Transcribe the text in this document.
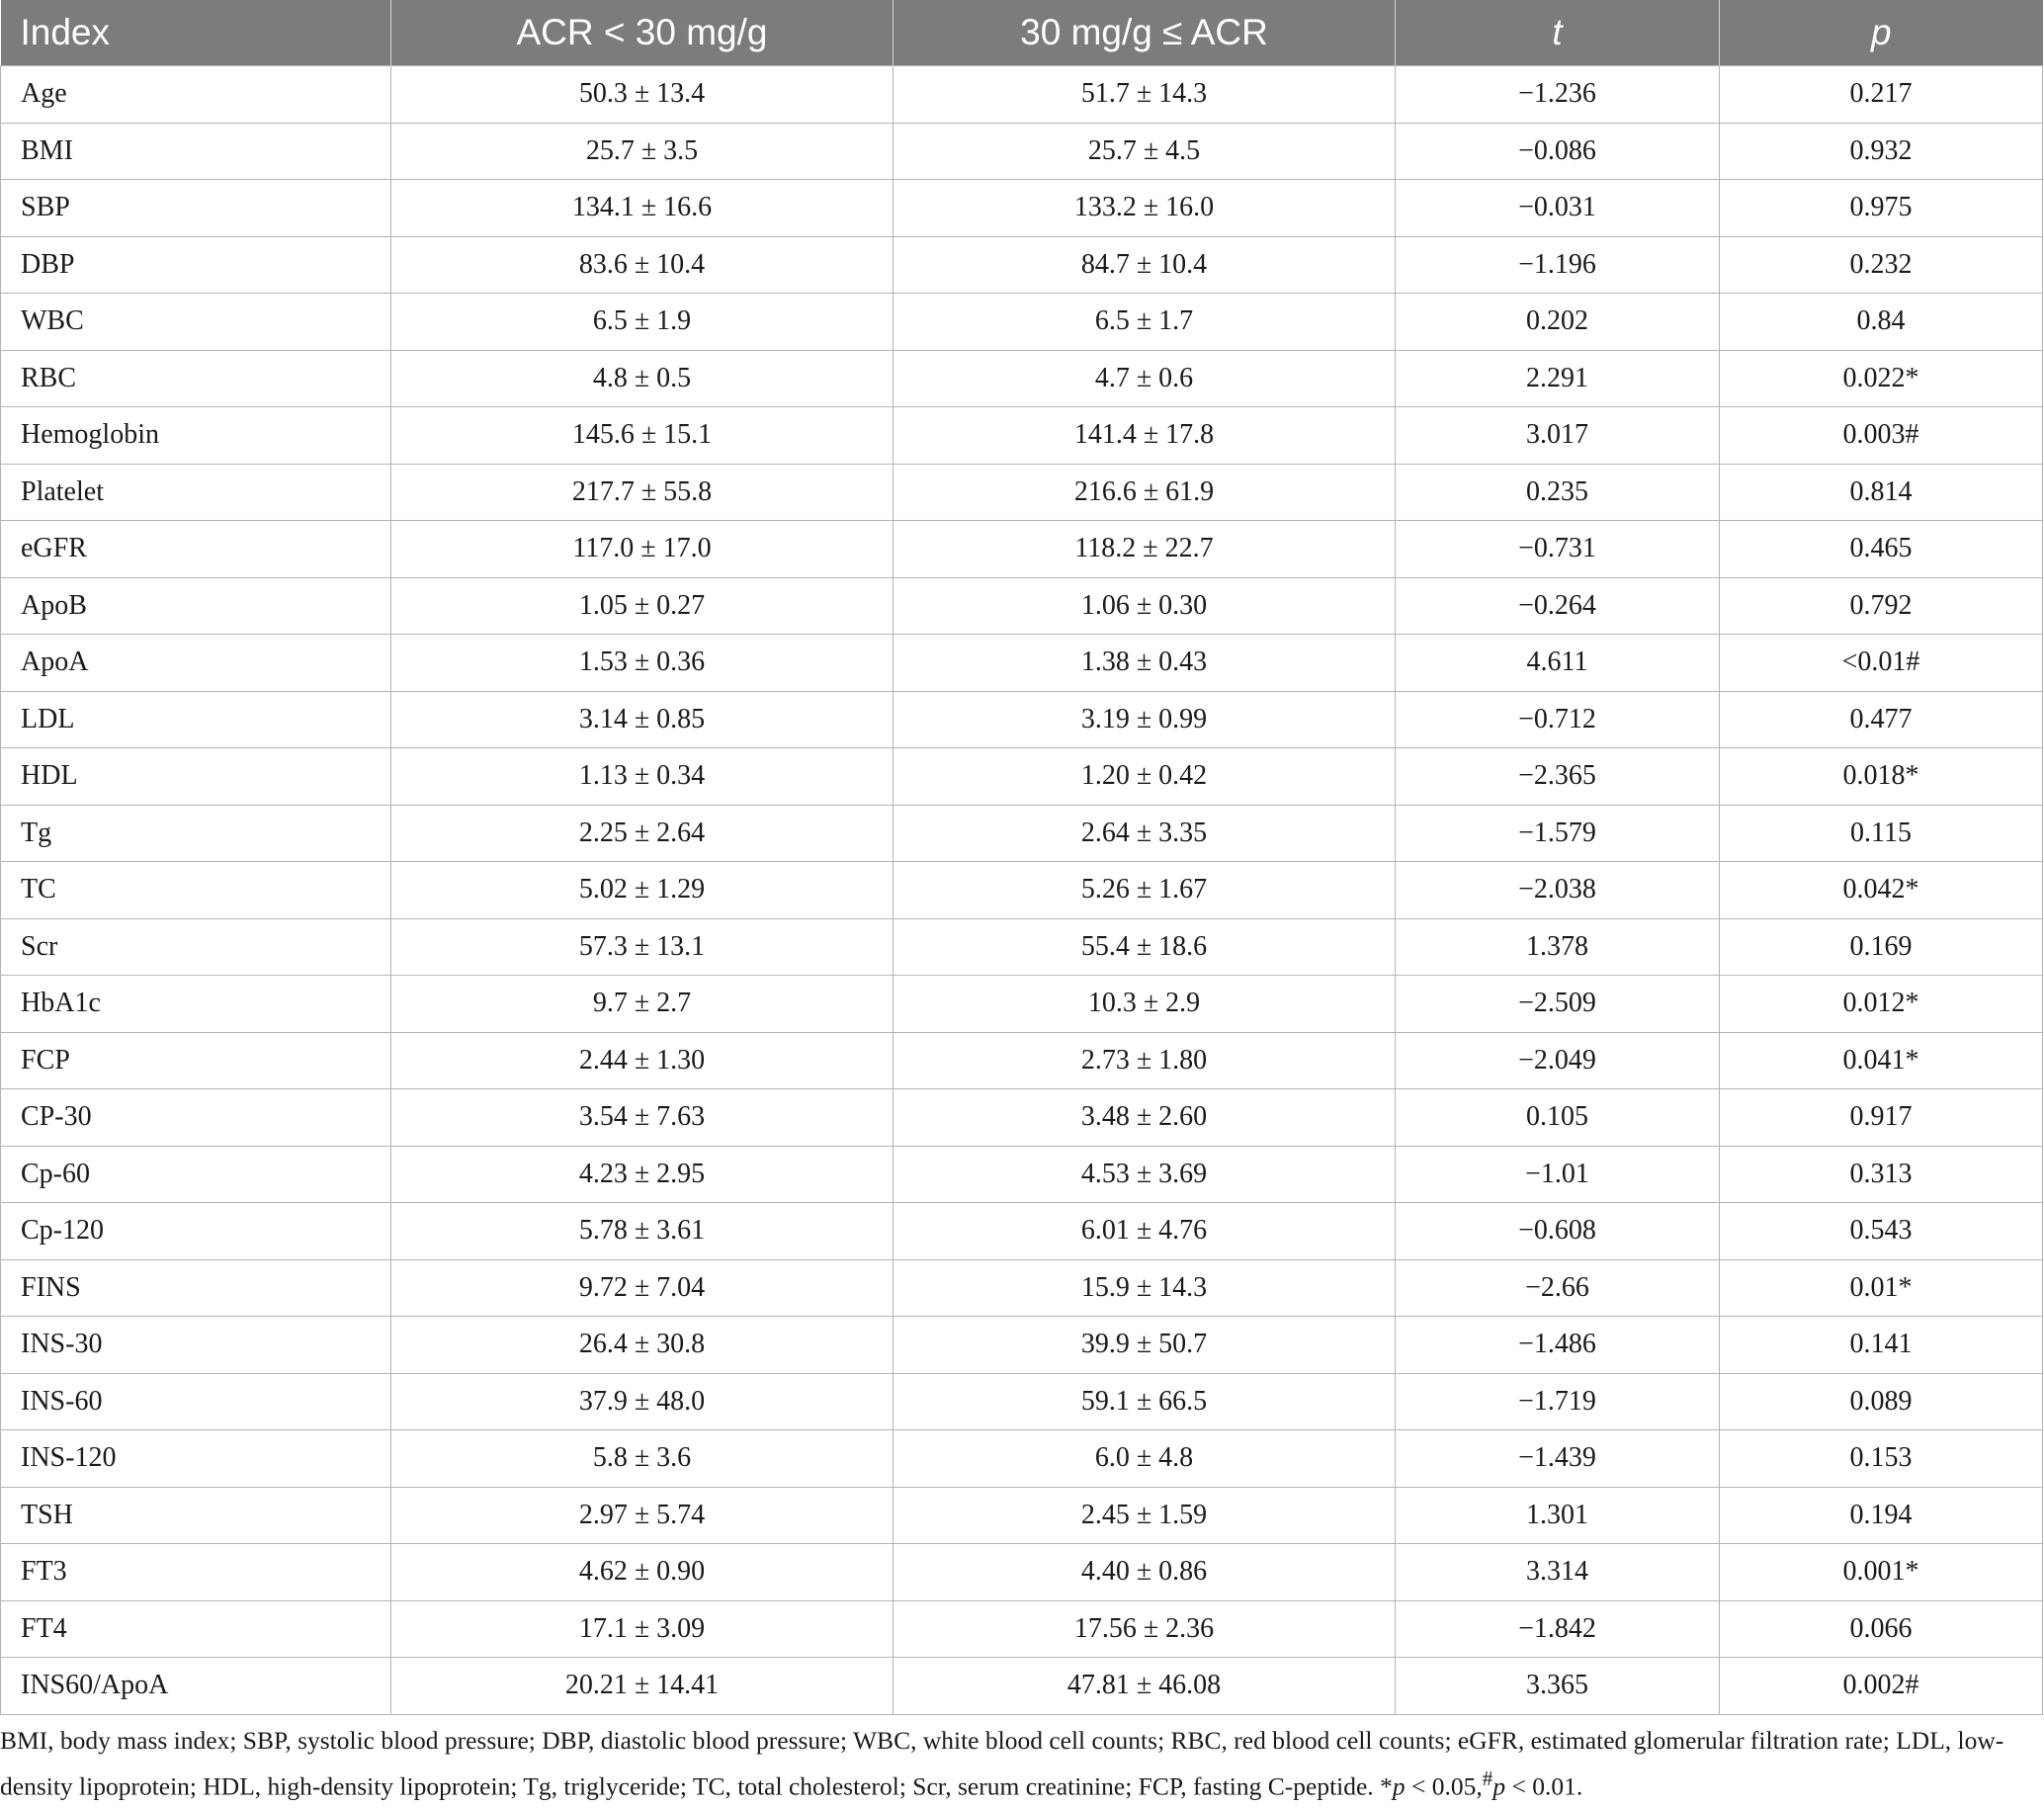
Index	ACR < 30 mg/g	30 mg/g ≤ ACR	t	p
Age	50.3 ± 13.4	51.7 ± 14.3	−1.236	0.217
BMI	25.7 ± 3.5	25.7 ± 4.5	−0.086	0.932
SBP	134.1 ± 16.6	133.2 ± 16.0	−0.031	0.975
DBP	83.6 ± 10.4	84.7 ± 10.4	−1.196	0.232
WBC	6.5 ± 1.9	6.5 ± 1.7	0.202	0.84
RBC	4.8 ± 0.5	4.7 ± 0.6	2.291	0.022*
Hemoglobin	145.6 ± 15.1	141.4 ± 17.8	3.017	0.003#
Platelet	217.7 ± 55.8	216.6 ± 61.9	0.235	0.814
eGFR	117.0 ± 17.0	118.2 ± 22.7	−0.731	0.465
ApoB	1.05 ± 0.27	1.06 ± 0.30	−0.264	0.792
ApoA	1.53 ± 0.36	1.38 ± 0.43	4.611	<0.01#
LDL	3.14 ± 0.85	3.19 ± 0.99	−0.712	0.477
HDL	1.13 ± 0.34	1.20 ± 0.42	−2.365	0.018*
Tg	2.25 ± 2.64	2.64 ± 3.35	−1.579	0.115
TC	5.02 ± 1.29	5.26 ± 1.67	−2.038	0.042*
Scr	57.3 ± 13.1	55.4 ± 18.6	1.378	0.169
HbA1c	9.7 ± 2.7	10.3 ± 2.9	−2.509	0.012*
FCP	2.44 ± 1.30	2.73 ± 1.80	−2.049	0.041*
CP-30	3.54 ± 7.63	3.48 ± 2.60	0.105	0.917
Cp-60	4.23 ± 2.95	4.53 ± 3.69	−1.01	0.313
Cp-120	5.78 ± 3.61	6.01 ± 4.76	−0.608	0.543
FINS	9.72 ± 7.04	15.9 ± 14.3	−2.66	0.01*
INS-30	26.4 ± 30.8	39.9 ± 50.7	−1.486	0.141
INS-60	37.9 ± 48.0	59.1 ± 66.5	−1.719	0.089
INS-120	5.8 ± 3.6	6.0 ± 4.8	−1.439	0.153
TSH	2.97 ± 5.74	2.45 ± 1.59	1.301	0.194
FT3	4.62 ± 0.90	4.40 ± 0.86	3.314	0.001*
FT4	17.1 ± 3.09	17.56 ± 2.36	−1.842	0.066
INS60/ApoA	20.21 ± 14.41	47.81 ± 46.08	3.365	0.002#

BMI, body mass index; SBP, systolic blood pressure; DBP, diastolic blood pressure; WBC, white blood cell counts; RBC, red blood cell counts; eGFR, estimated glomerular filtration rate; LDL, low-density lipoprotein; HDL, high-density lipoprotein; Tg, triglyceride; TC, total cholesterol; Scr, serum creatinine; FCP, fasting C-peptide. *p < 0.05,#p < 0.01.
